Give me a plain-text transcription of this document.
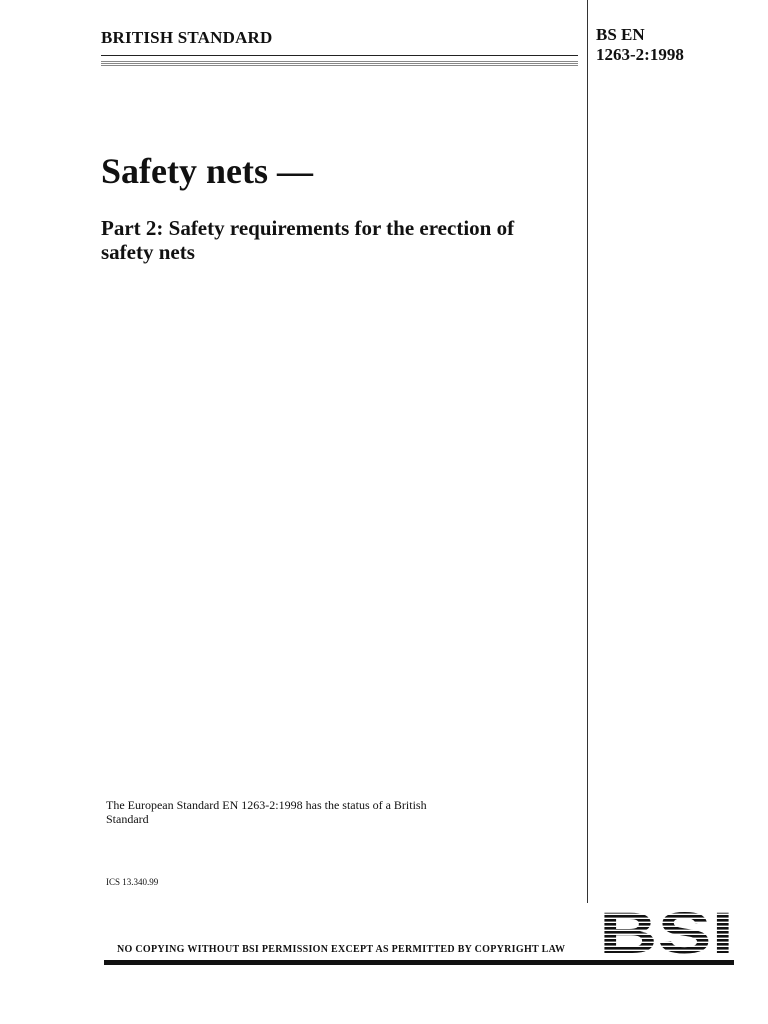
BRITISH STANDARD	BS EN
1263-2:1998
Safety nets —
Part 2: Safety requirements for the erection of safety nets
The European Standard EN 1263-2:1998 has the status of a British Standard
ICS 13.340.99
NO COPYING WITHOUT BSI PERMISSION EXCEPT AS PERMITTED BY COPYRIGHT LAW BSI
